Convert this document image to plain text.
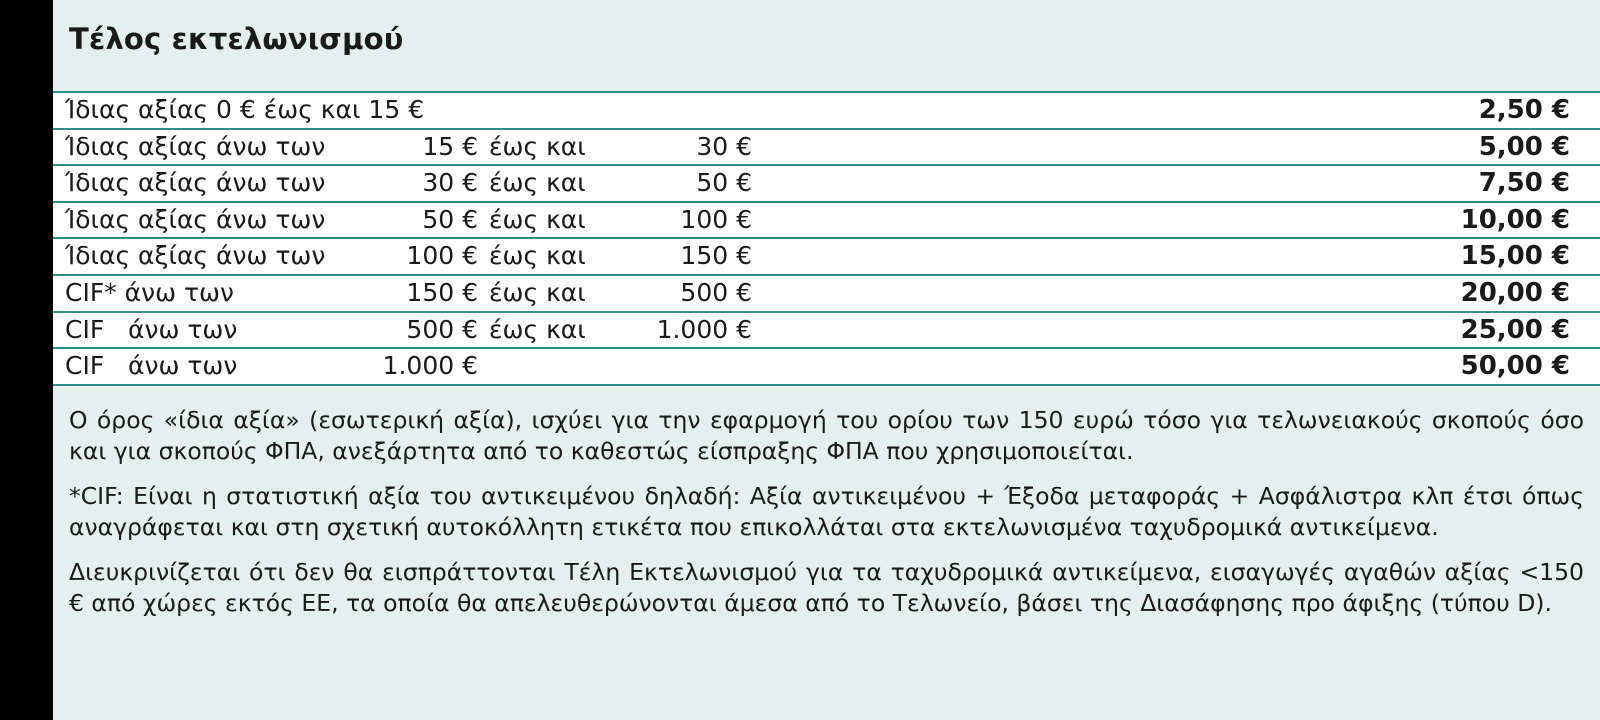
Τέλος εκτελωνισμού
Ίδιας αξίας 0 € έως και 15 €	2,50 €
Ίδιας αξίας άνω των	15 € έως και	30 €	5,00 €
Ίδιας αξίας άνω των	30 € έως και	50 €	7,50 €
Ίδιας αξίας άνω των	50 € έως και	100 €	10,00 €
Ίδιας αξίας άνω των	100 € έως και	150 €	15,00 €
CIF* άνω των	150 € έως και	500 €	20,00 €
CIF   άνω των	500 € έως και	1.000 €	25,00 €
CIF   άνω των	1.000 €	50,00 €

Ο όρος «ίδια αξία» (εσωτερική αξία), ισχύει για την εφαρμογή του ορίου των 150 ευρώ τόσο για τελωνειακούς σκοπούς όσο και για σκοπούς ΦΠΑ, ανεξάρτητα από το καθεστώς είσπραξης ΦΠΑ που χρησιμοποιείται.

*CIF: Είναι η στατιστική αξία του αντικειμένου δηλαδή: Αξία αντικειμένου + Έξοδα μεταφοράς + Ασφάλιστρα κλπ έτσι όπως αναγράφεται και στη σχετική αυτοκόλλητη ετικέτα που επικολλάται στα εκτελωνισμένα ταχυδρομικά αντικείμενα.

Διευκρινίζεται ότι δεν θα εισπράττονται Τέλη Εκτελωνισμού για τα ταχυδρομικά αντικείμενα, εισαγωγές αγαθών αξίας <150 € από χώρες εκτός ΕΕ, τα οποία θα απελευθερώνονται άμεσα από το Τελωνείο, βάσει της Διασάφησης προ άφιξης (τύπου D).
